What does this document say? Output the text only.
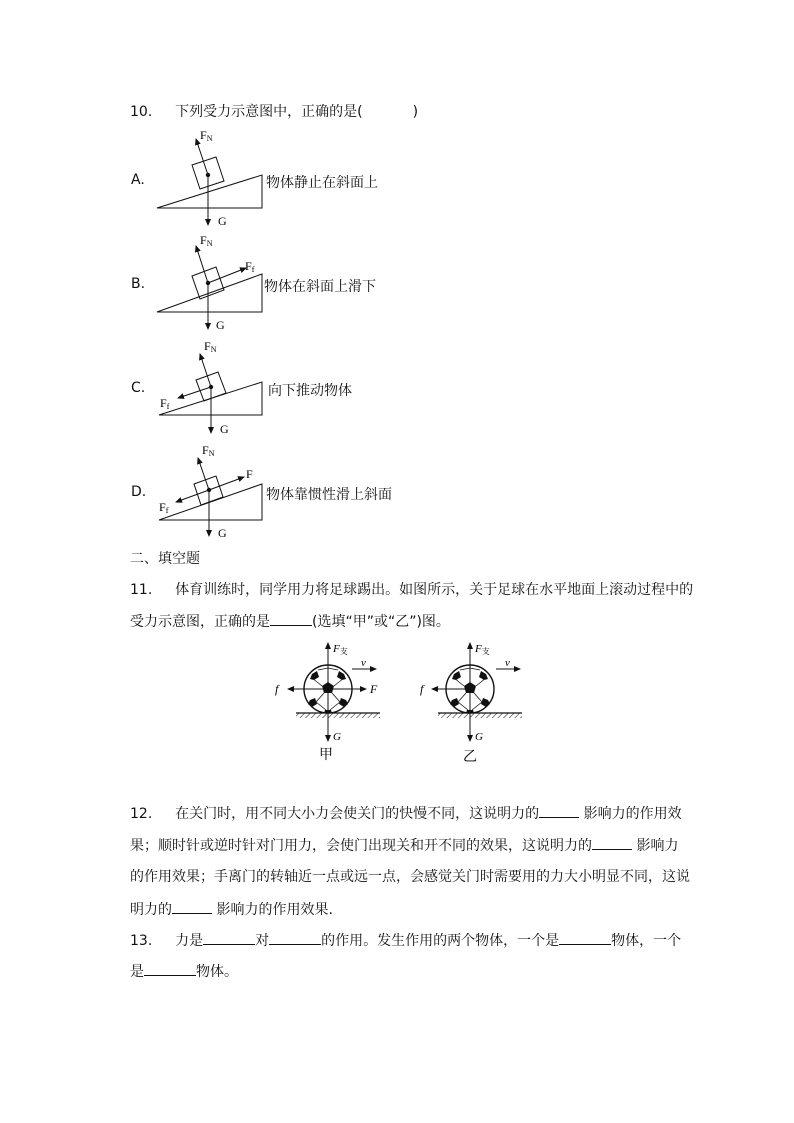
10. 下列受力示意图中，正确的是(	)
A.
B.
C.
D.
物体静止在斜面上
物体在斜面上滑下
向下推动物体
物体靠惯性滑上斜面
FN
G
FN
Ff
G
FN
Ff
G
FN
F
Ff
G
二、填空题
11. 体育训练时，同学用力将足球踢出。如图所示，关于足球在水平地面上滚动过程中的
受力示意图，正确的是	(选填“甲”或“乙”)图。
F支
v
f	F
G
甲
F支
v
f
G
乙
12. 在关门时，用不同大小力会使关门的快慢不同，这说明力的	影响力的作用效
果；顺时针或逆时针对门用力，会使门出现关和开不同的效果，这说明力的	影响力
的作用效果；手离门的转轴近一点或远一点，会感觉关门时需要用的力大小明显不同，这说
明力的	影响力的作用效果.
13. 力是	对	的作用。发生作用的两个物体，一个是	物体，一个
是	物体。
